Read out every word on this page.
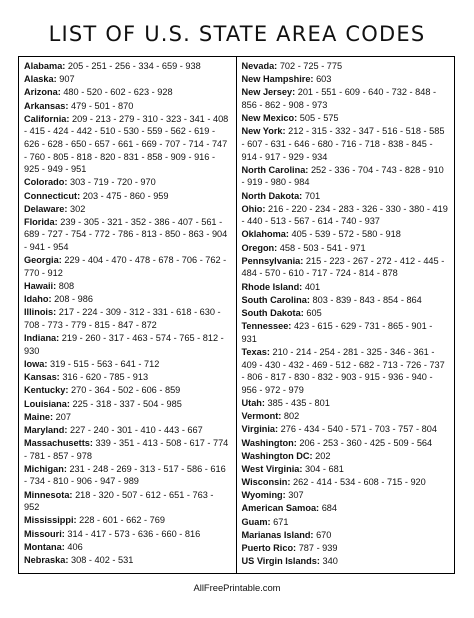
LIST OF U.S. STATE AREA CODES
Alabama: 205 - 251 - 256 - 334 - 659 - 938
Alaska: 907
Arizona: 480 - 520 - 602 - 623 - 928
Arkansas: 479 - 501 - 870
California: 209 - 213 - 279 - 310 - 323 - 341 - 408 - 415 - 424 - 442 - 510 - 530 - 559 - 562 - 619 - 626 - 628 - 650 - 657 - 661 - 669 - 707 - 714 - 747 - 760 - 805 - 818 - 820 - 831 - 858 - 909 - 916 - 925 - 949 - 951
Colorado: 303 - 719 - 720 - 970
Connecticut: 203 - 475 - 860 - 959
Delaware: 302
Florida: 239 - 305 - 321 - 352 - 386 - 407 - 561 - 689 - 727 - 754 - 772 - 786 - 813 - 850 - 863 - 904 - 941 - 954
Georgia: 229 - 404 - 470 - 478 - 678 - 706 - 762 - 770 - 912
Hawaii: 808
Idaho: 208 - 986
Illinois: 217 - 224 - 309 - 312 - 331 - 618 - 630 - 708 - 773 - 779 - 815 - 847 - 872
Indiana: 219 - 260 - 317 - 463 - 574 - 765 - 812 - 930
Iowa: 319 - 515 - 563 - 641 - 712
Kansas: 316 - 620 - 785 - 913
Kentucky: 270 - 364 - 502 - 606 - 859
Louisiana: 225 - 318 - 337 - 504 - 985
Maine: 207
Maryland: 227 - 240 - 301 - 410 - 443 - 667
Massachusetts: 339 - 351 - 413 - 508 - 617 - 774 - 781 - 857 - 978
Michigan: 231 - 248 - 269 - 313 - 517 - 586 - 616 - 734 - 810 - 906 - 947 - 989
Minnesota: 218 - 320 - 507 - 612 - 651 - 763 - 952
Mississippi: 228 - 601 - 662 - 769
Missouri: 314 - 417 - 573 - 636 - 660 - 816
Montana: 406
Nebraska: 308 - 402 - 531
Nevada: 702 - 725 - 775
New Hampshire: 603
New Jersey: 201 - 551 - 609 - 640 - 732 - 848 - 856 - 862 - 908 - 973
New Mexico: 505 - 575
New York: 212 - 315 - 332 - 347 - 516 - 518 - 585 - 607 - 631 - 646 - 680 - 716 - 718 - 838 - 845 - 914 - 917 - 929 - 934
North Carolina: 252 - 336 - 704 - 743 - 828 - 910 - 919 - 980 - 984
North Dakota: 701
Ohio: 216 - 220 - 234 - 283 - 326 - 330 - 380 - 419 - 440 - 513 - 567 - 614 - 740 - 937
Oklahoma: 405 - 539 - 572 - 580 - 918
Oregon: 458 - 503 - 541 - 971
Pennsylvania: 215 - 223 - 267 - 272 - 412 - 445 - 484 - 570 - 610 - 717 - 724 - 814 - 878
Rhode Island: 401
South Carolina: 803 - 839 - 843 - 854 - 864
South Dakota: 605
Tennessee: 423 - 615 - 629 - 731 - 865 - 901 - 931
Texas: 210 - 214 - 254 - 281 - 325 - 346 - 361 - 409 - 430 - 432 - 469 - 512 - 682 - 713 - 726 - 737 - 806 - 817 - 830 - 832 - 903 - 915 - 936 - 940 - 956 - 972 - 979
Utah: 385 - 435 - 801
Vermont: 802
Virginia: 276 - 434 - 540 - 571 - 703 - 757 - 804
Washington: 206 - 253 - 360 - 425 - 509 - 564
Washington DC: 202
West Virginia: 304 - 681
Wisconsin: 262 - 414 - 534 - 608 - 715 - 920
Wyoming: 307
American Samoa: 684
Guam: 671
Marianas Island: 670
Puerto Rico: 787 - 939
US Virgin Islands: 340
AllFreePrintable.com
